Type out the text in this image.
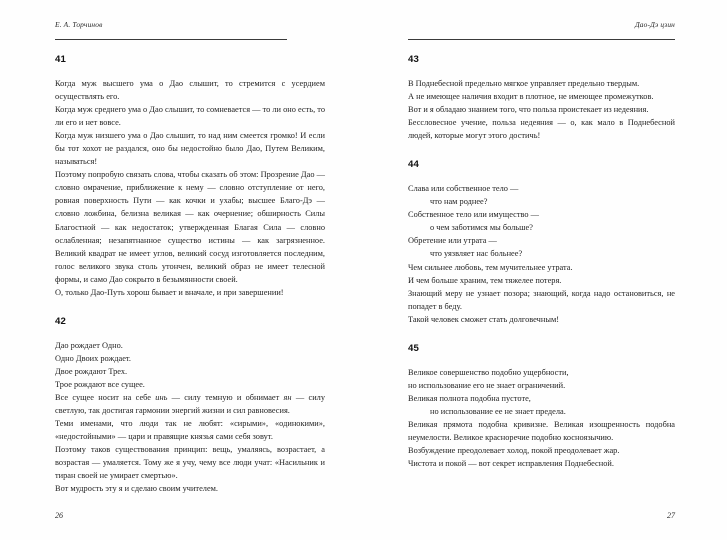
Е. А. Торчинов
41

Когда муж высшего ума о Дао слышит, то стремится с усердием осуществлять его.

Когда муж среднего ума о Дао слышит, то сомневается — то ли оно есть, то ли его и нет вовсе.

Когда муж низшего ума о Дао слышит, то над ним смеется громко! И если бы тот хохот не раздался, оно бы недостойно было Дао, Путем Великим, называться!

Поэтому попробую связать слова, чтобы сказать об этом: Прозрение Дао — словно омрачение, приближение к нему — словно отступление от него, ровная поверхность Пути — как кочки и ухабы; высшее Благо-Дэ — словно ложбина, белизна великая — как очернение; обширность Силы Благостной — как недостаток; утвержденная Благая Сила — словно ослабленная; незапятнанное существо истины — как загрязненное. Великий квадрат не имеет углов, великий сосуд изготовляется последним, голос великого звука столь утончен, великий образ не имеет телесной формы, и само Дао сокрыто в безымянности своей.

О, только Дао-Путь хорош бывает и вначале, и при завершении!

42

Дао рождает Одно.

Одно Двоих рождает.

Двое рождают Трех.

Трое рождают все сущее.

Все сущее носит на себе инь — силу темную и обнимает ян — силу светлую, так достигая гармонии энергий жизни и сил равновесия.

Теми именами, что люди так не любят: «сирыми», «одинокими», «недостойными» — цари и правящие князья сами себя зовут.

Поэтому таков существования принцип: вещь, умаляясь, возрастает, а возрастая — умаляется. Тому же я учу, чему все люди учат: «Насильник и тиран своей не умирает смертью».

Вот мудрость эту я и сделаю своим учителем.

26
Дао-Дэ цзин
43

В Поднебесной предельно мягкое управляет предельно твердым.

А не имеющее наличия входит в плотное, не имеющее промежутков.

Вот и я обладаю знанием того, что польза проистекает из недеяния.

Бессловесное учение, польза недеяния — о, как мало в Поднебесной людей, которые могут этого достичь!

44

Слава или собственное тело —

что нам роднее?

Собственное тело или имущество —

о чем заботимся мы больше?

Обретение или утрата —

что уязвляет нас больнее?

Чем сильнее любовь, тем мучительнее утрата.

И чем больше храним, тем тяжелее потеря.

Знающий меру не узнает позора; знающий, когда надо остановиться, не попадет в беду.

Такой человек сможет стать долговечным!

45

Великое совершенство подобно ущербности,

но использование его не знает ограничений.

Великая полнота подобна пустоте,

но использование ее не знает предела.

Великая прямота подобна кривизне. Великая изощренность подобна неумелости. Великое красноречие подобно косноязычию.

Возбуждение преодолевает холод, покой преодолевает жар.

Чистота и покой — вот секрет исправления Поднебесной.

27
